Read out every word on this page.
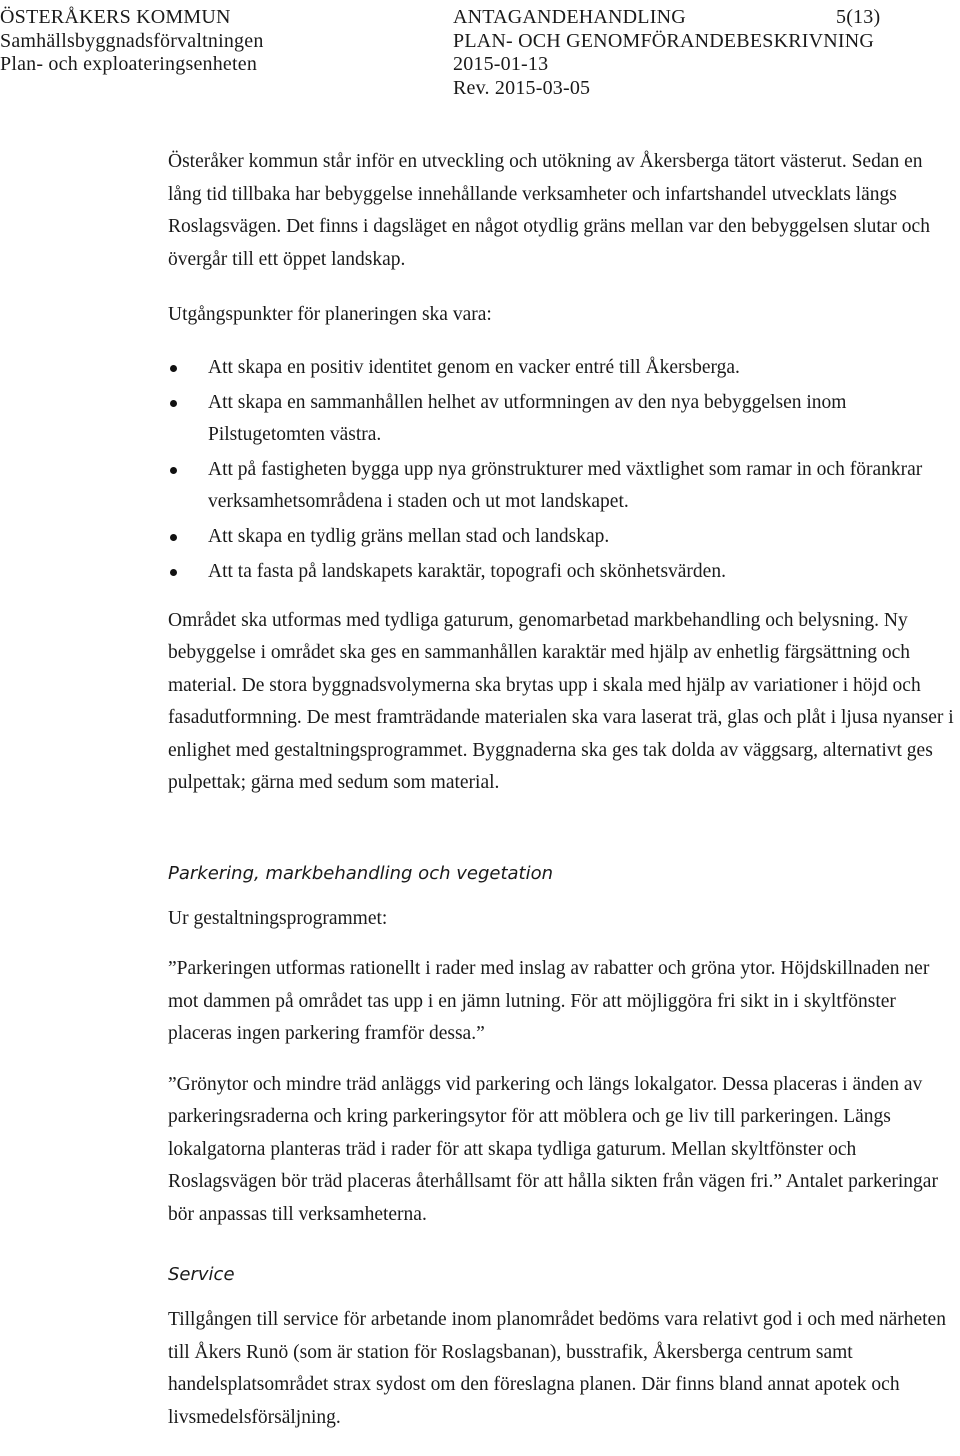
ÖSTERÅKERS KOMMUN
Samhällsbyggnadsförvaltningen
Plan- och exploateringsenheten
ANTAGANDEHANDLING
PLAN- OCH GENOMFÖRANDEBESKRIVNING
2015-01-13
Rev. 2015-03-05
5(13)

Österåker kommun står inför en utveckling och utökning av Åkersberga tätort västerut. Sedan en lång tid tillbaka har bebyggelse innehållande verksamheter och infartshandel utvecklats längs Roslagsvägen. Det finns i dagsläget en något otydlig gräns mellan var den bebyggelsen slutar och övergår till ett öppet landskap.

Utgångspunkter för planeringen ska vara:

Att skapa en positiv identitet genom en vacker entré till Åkersberga.
Att skapa en sammanhållen helhet av utformningen av den nya bebyggelsen inom Pilstugetomten västra.
Att på fastigheten bygga upp nya grönstrukturer med växtlighet som ramar in och förankrar verksamhetsområdena i staden och ut mot landskapet.
Att skapa en tydlig gräns mellan stad och landskap.
Att ta fasta på landskapets karaktär, topografi och skönhetsvärden.

Området ska utformas med tydliga gaturum, genomarbetad markbehandling och belysning. Ny bebyggelse i området ska ges en sammanhållen karaktär med hjälp av enhetlig färgsättning och material. De stora byggnadsvolymerna ska brytas upp i skala med hjälp av variationer i höjd och fasadutformning. De mest framträdande materialen ska vara laserat trä, glas och plåt i ljusa nyanser i enlighet med gestaltningsprogrammet. Byggnaderna ska ges tak dolda av väggsarg, alternativt ges pulpettak; gärna med sedum som material.

Parkering, markbehandling och vegetation

Ur gestaltningsprogrammet:

”Parkeringen utformas rationellt i rader med inslag av rabatter och gröna ytor. Höjdskillnaden ner mot dammen på området tas upp i en jämn lutning. För att möjliggöra fri sikt in i skyltfönster placeras ingen parkering framför dessa.”

”Grönytor och mindre träd anläggs vid parkering och längs lokalgator. Dessa placeras i änden av parkeringsraderna och kring parkeringsytor för att möblera och ge liv till parkeringen. Längs lokalgatorna planteras träd i rader för att skapa tydliga gaturum. Mellan skyltfönster och Roslagsvägen bör träd placeras återhållsamt för att hålla sikten från vägen fri.” Antalet parkeringar bör anpassas till verksamheterna.

Service

Tillgången till service för arbetande inom planområdet bedöms vara relativt god i och med närheten till Åkers Runö (som är station för Roslagsbanan), busstrafik, Åkersberga centrum samt handelsplatsområdet strax sydost om den föreslagna planen. Där finns bland annat apotek och livsmedelsförsäljning.
